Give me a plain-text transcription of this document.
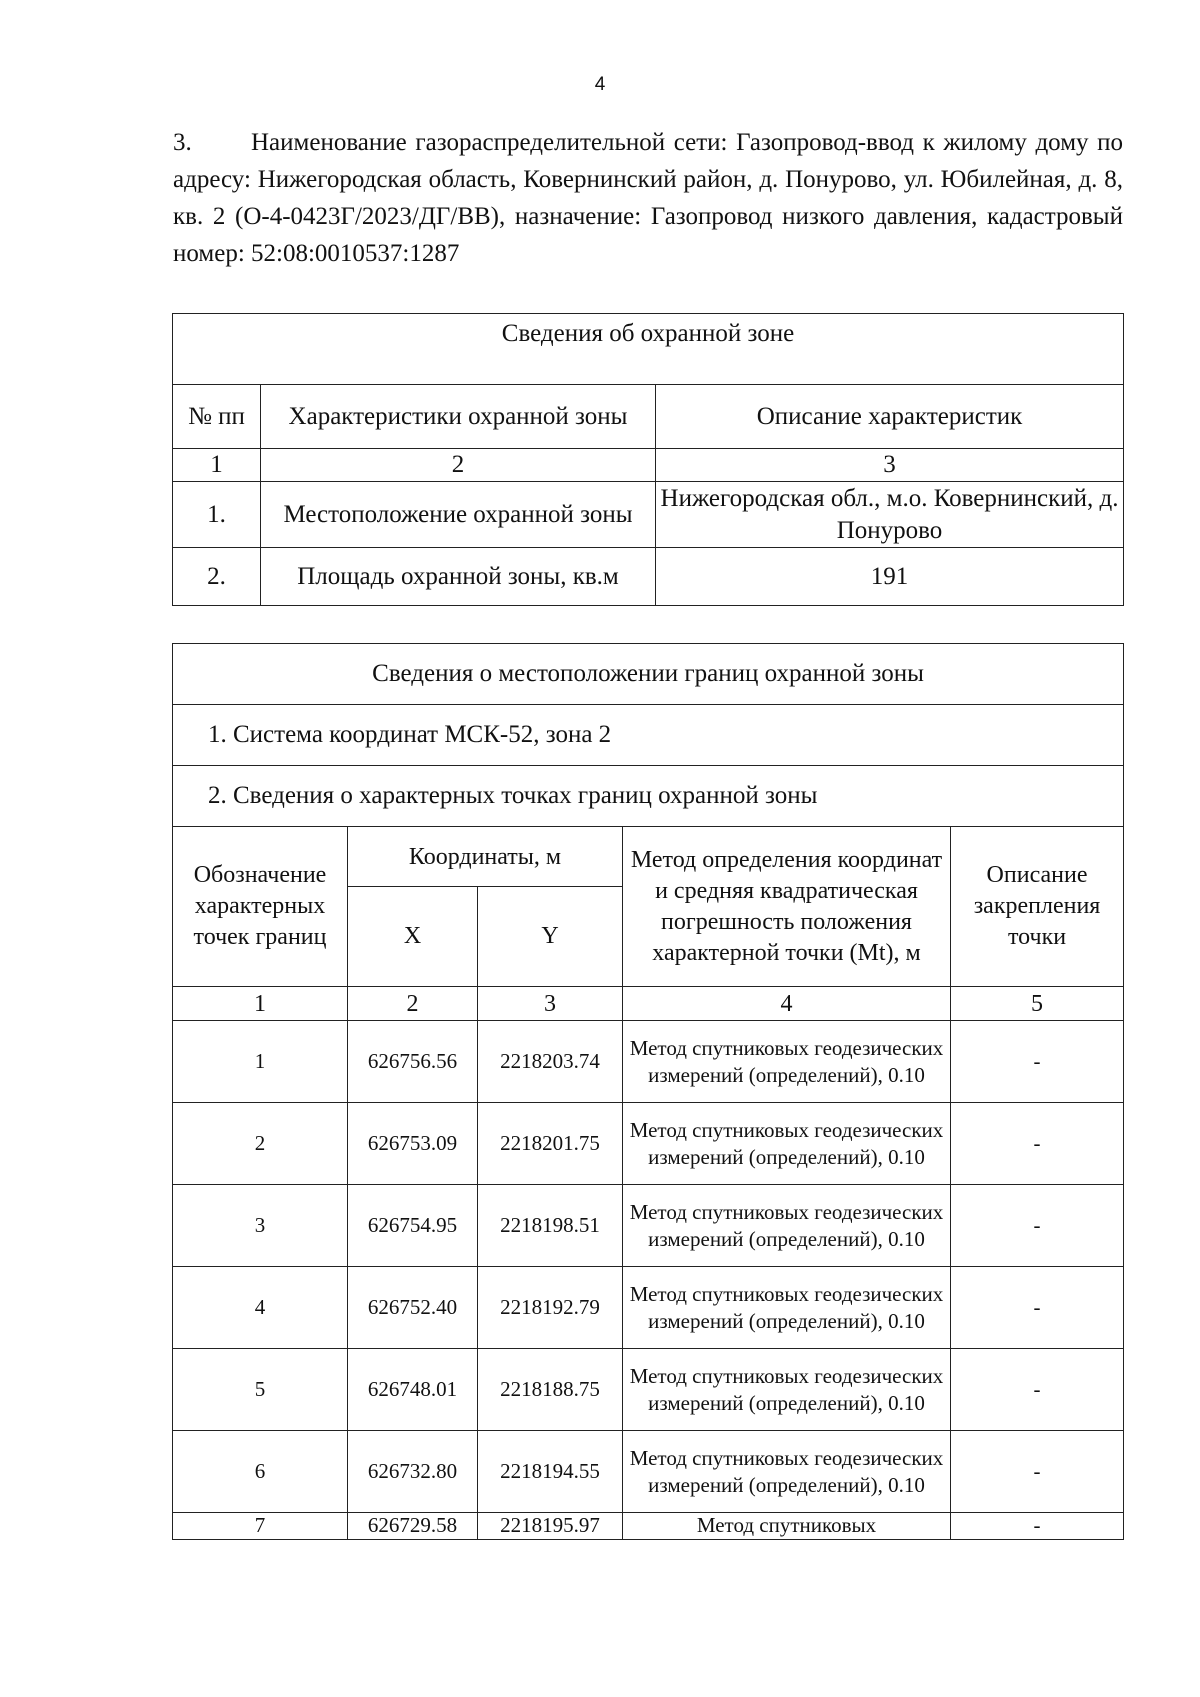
4

3. Наименование газораспределительной сети: Газопровод-ввод к жилому дому по адресу: Нижегородская область, Ковернинский район, д. Понурово, ул. Юбилейная, д. 8, кв. 2 (О-4-0423Г/2023/ДГ/ВВ), назначение: Газопровод низкого давления, кадастровый номер: 52:08:0010537:1287

Сведения об охранной зоне		
№ пп	Характеристики охранной зоны	Описание характеристик
1	2	3
1.	Местоположение охранной зоны	Нижегородская обл., м.о. Ковернинский, д. Понурово
2.	Площадь охранной зоны, кв.м	191
Сведения о местоположении границ охранной зоны				
1. Система координат МСК-52, зона 2				
2. Сведения о характерных точках границ охранной зоны				
Обозначение характерных точек границ	Координаты, м		Метод определения координат и средняя квадратическая погрешность положения характерной точки (Mt), м	Описание закрепления точки
	X	Y		
1	2	3	4	5
1	626756.56	2218203.74	Метод спутниковых геодезических измерений (определений), 0.10	-
2	626753.09	2218201.75	Метод спутниковых геодезических измерений (определений), 0.10	-
3	626754.95	2218198.51	Метод спутниковых геодезических измерений (определений), 0.10	-
4	626752.40	2218192.79	Метод спутниковых геодезических измерений (определений), 0.10	-
5	626748.01	2218188.75	Метод спутниковых геодезических измерений (определений), 0.10	-
6	626732.80	2218194.55	Метод спутниковых геодезических измерений (определений), 0.10	-
7	626729.58	2218195.97	Метод спутниковых	-
